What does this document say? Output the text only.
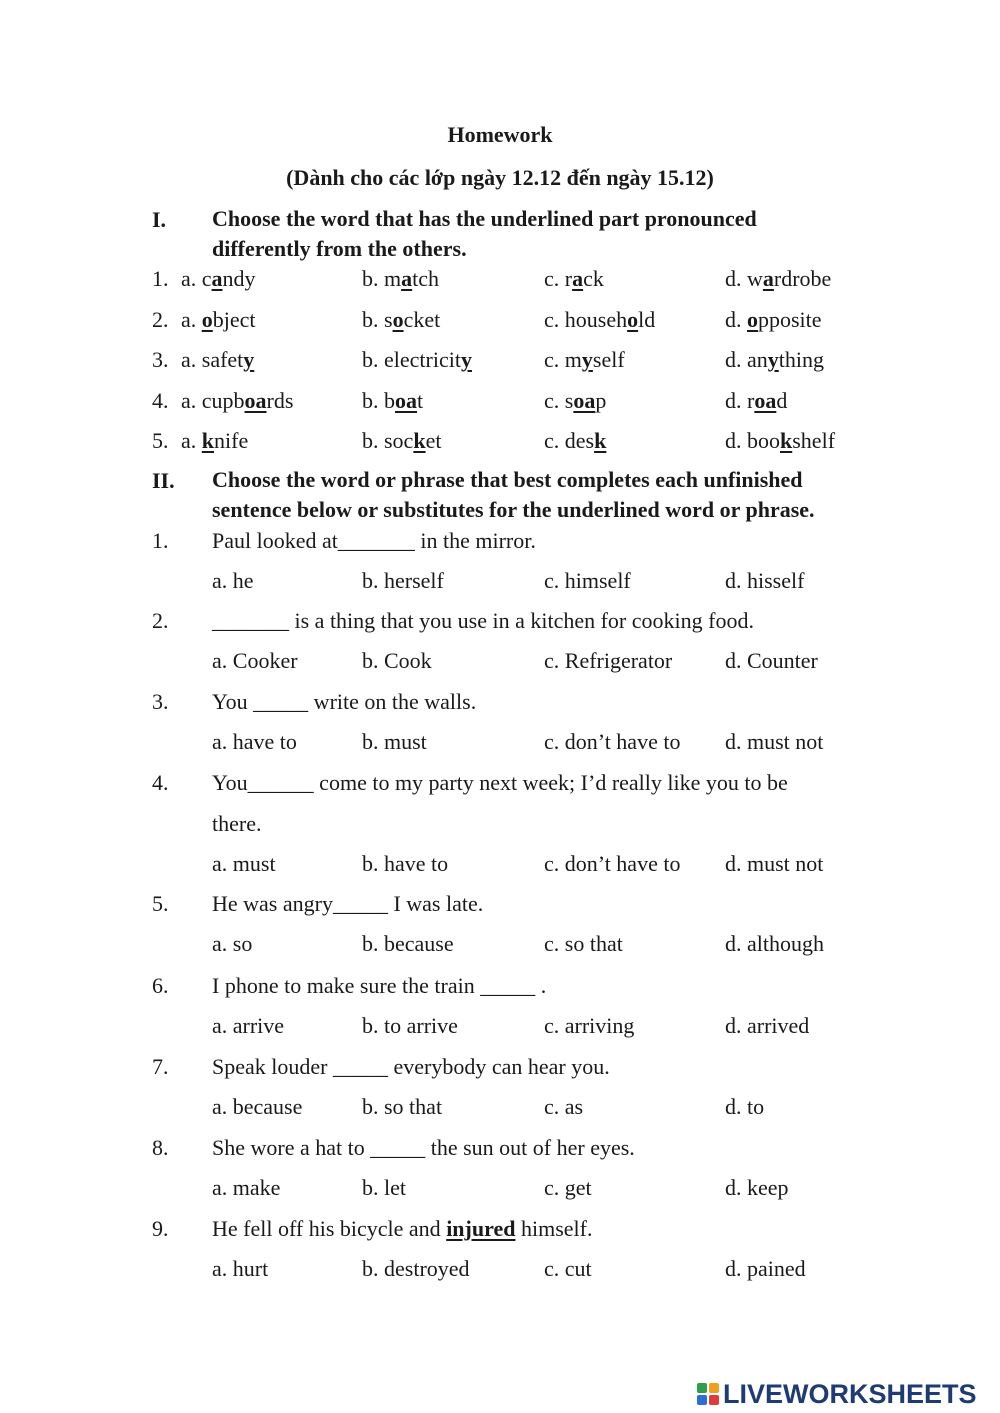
Homework
(Dành cho các lớp ngày 12.12 đến ngày 15.12)
I. Choose the word that has the underlined part pronounced
differently from the others.
1. a. candy	b. match	c. rack	d. wardrobe
2. a. object	b. socket	c. household	d. opposite
3. a. safety	b. electricity	c. myself	d. anything
4. a. cupboards	b. boat	c. soap	d. road
5. a. knife	b. socket	c. desk	d. bookshelf
II. Choose the word or phrase that best completes each unfinished
sentence below or substitutes for the underlined word or phrase.
1. Paul looked at_______ in the mirror.
a. he	b. herself	c. himself	d. hisself
2. _______ is a thing that you use in a kitchen for cooking food.
a. Cooker	b. Cook	c. Refrigerator d. Counter
3. You _____ write on the walls.
a. have to	b. must	c. don’t have to d. must not
4. You______ come to my party next week; I’d really like you to be
there.
a. must	b. have to	c. don’t have to d. must not
5. He was angry_____ I was late.
a. so	b. because	c. so that	d. although
6. I phone to make sure the train _____ .
a. arrive	b. to arrive	c. arriving	d. arrived
7. Speak louder _____ everybody can hear you.
a. because	b. so that	c. as	d. to
8. She wore a hat to _____ the sun out of her eyes.
a. make	b. let	c. get	d. keep
9. He fell off his bicycle and injured himself.
a. hurt	b. destroyed	c. cut	d. pained
LIVEWORKSHEETS
